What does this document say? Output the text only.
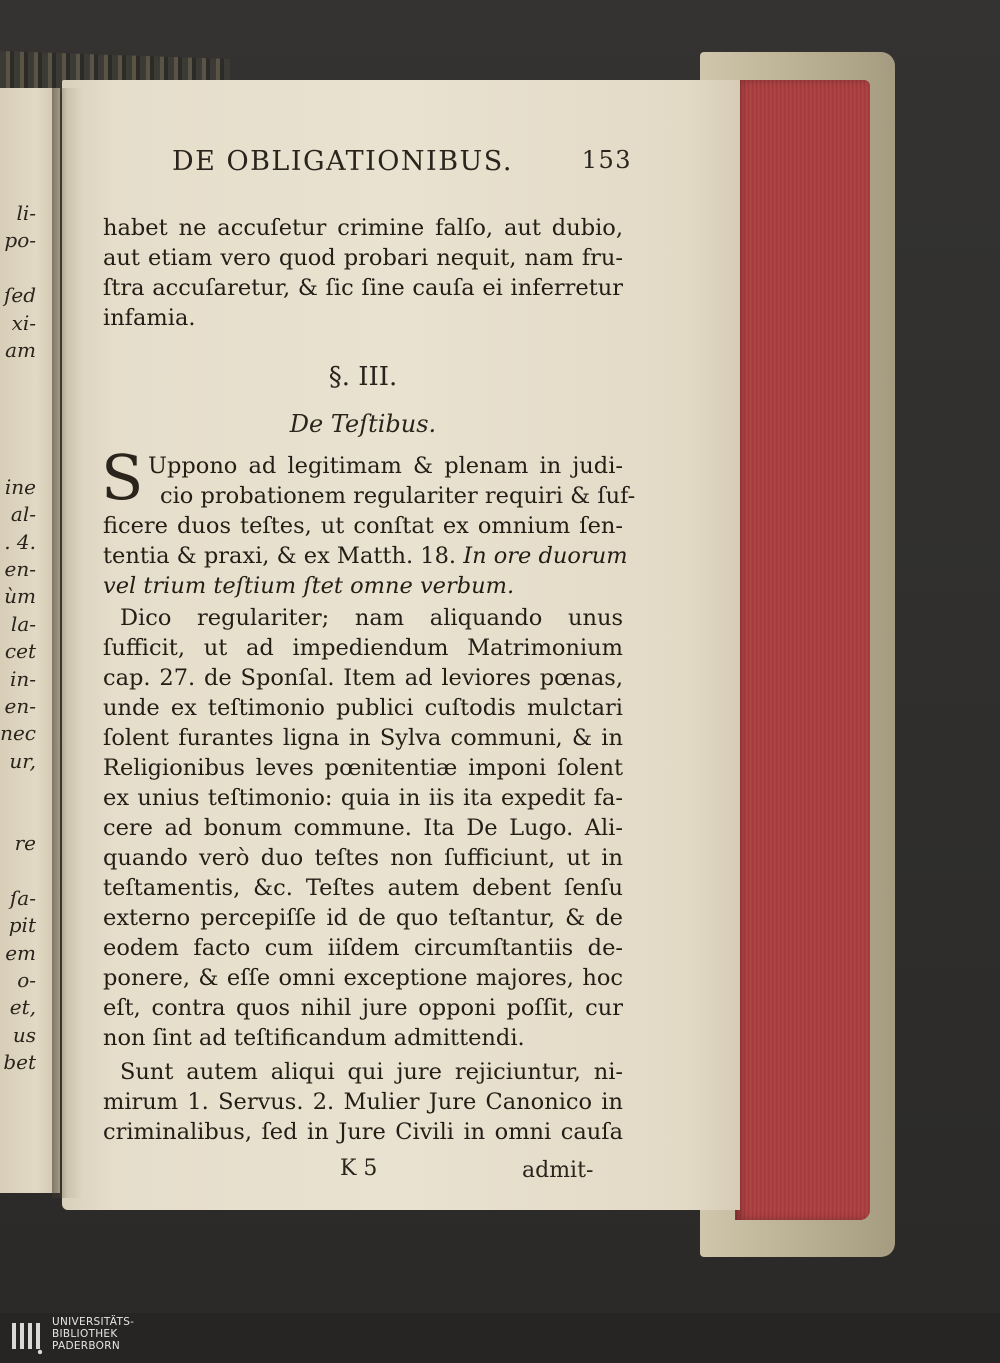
li-
po-
ſed
xi-
am
ine
al-
. 4.
en-
ùm
la-
cet
in-
en-
nec
ur,
re
ſa-
pit
em
o-
et,
us
bet
DE OBLIGATIONIBUS.	153
habet ne accuſetur crimine falſo, aut dubio,
aut etiam vero quod probari nequit, nam fru-
ſtra accuſaretur, & ſic ſine cauſa ei inferretur
infamia.
§. III.
De Teſtibus.
S Uppono ad legitimam & plenam in judi-
cio probationem regulariter requiri & ſuf-
ficere duos teſtes, ut conſtat ex omnium ſen-
tentia & praxi, & ex Matth. 18. In ore duorum
vel trium teſtium ſtet omne verbum.
Dico regulariter; nam aliquando unus
ſufficit, ut ad impediendum Matrimonium
cap. 27. de Sponſal. Item ad leviores pœnas,
unde ex teſtimonio publici cuſtodis mulctari
ſolent furantes ligna in Sylva communi, & in
Religionibus leves pœnitentiæ imponi ſolent
ex unius teſtimonio: quia in iis ita expedit fa-
cere ad bonum commune. Ita De Lugo. Ali-
quando verò duo teſtes non ſufficiunt, ut in
teſtamentis, &c. Teſtes autem debent ſenſu
externo percepiſſe id de quo teſtantur, & de
eodem facto cum iiſdem circumſtantiis de-
ponere, & eſſe omni exceptione majores, hoc
eſt, contra quos nihil jure opponi poſſit, cur
non ſint ad teſtificandum admittendi.
Sunt autem aliqui qui jure rejiciuntur, ni-
mirum 1. Servus. 2. Mulier Jure Canonico in
criminalibus, ſed in Jure Civili in omni cauſa
K 5	admit-
UNIVERSITÄTS-
BIBLIOTHEK
PADERBORN
